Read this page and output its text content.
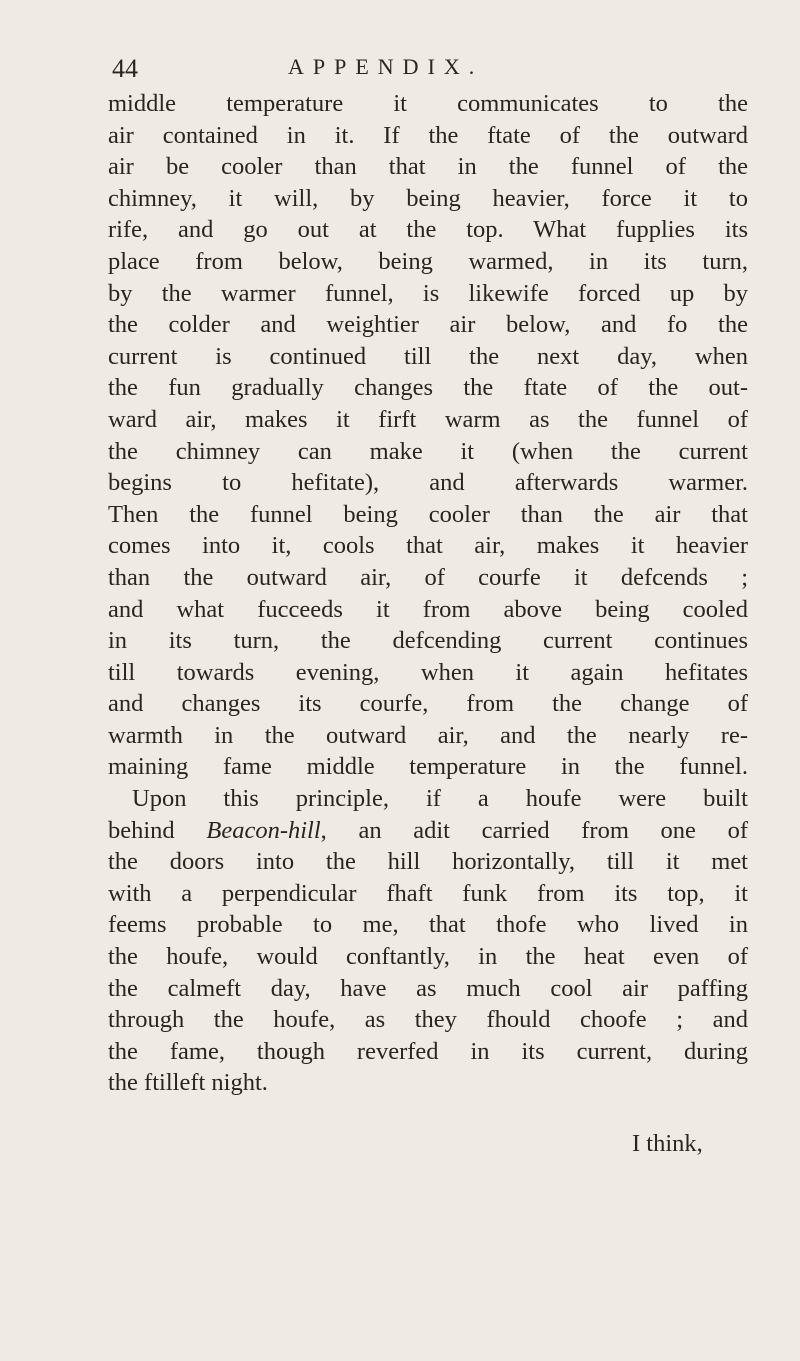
44	APPENDIX.
middle temperature it communicates to the
air contained in it. If the ftate of the outward
air be cooler than that in the funnel of the
chimney, it will, by being heavier, force it to
rife, and go out at the top. What fupplies its
place from below, being warmed, in its turn,
by the warmer funnel, is likewife forced up by
the colder and weightier air below, and fo the
current is continued till the next day, when
the fun gradually changes the ftate of the out-
ward air, makes it firft warm as the funnel of
the chimney can make it (when the current
begins to hefitate), and afterwards warmer.
Then the funnel being cooler than the air that
comes into it, cools that air, makes it heavier
than the outward air, of courfe it defcends ;
and what fucceeds it from above being cooled
in its turn, the defcending current continues
till towards evening, when it again hefitates
and changes its courfe, from the change of
warmth in the outward air, and the nearly re-
maining fame middle temperature in the funnel.
Upon this principle, if a houfe were built
behind Beacon-hill, an adit carried from one of
the doors into the hill horizontally, till it met
with a perpendicular fhaft funk from its top, it
feems probable to me, that thofe who lived in
the houfe, would conftantly, in the heat even of
the calmeft day, have as much cool air paffing
through the houfe, as they fhould choofe ; and
the fame, though reverfed in its current, during
the ftilleft night.
I think,
